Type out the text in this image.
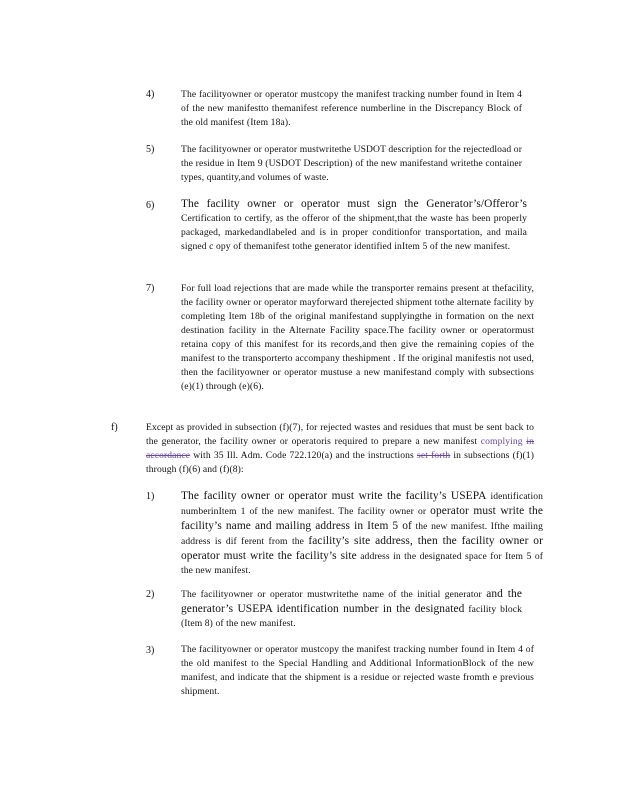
4)	The facilityowner or operator mustcopy the manifest tracking number found in Item 4 of the new manifestto themanifest reference numberline in the Discrepancy Block of the old manifest (Item 18a).
5)	The facilityowner or operator mustwritethe USDOT description for the rejectedload or the residue in Item 9 (USDOT Description) of the new manifestand writethe container types, quantity,and volumes of waste.
6) The facility owner or operator must sign the Generator’s/Offeror’s Certification to certify, as the offeror of the shipment,that the waste has been properly packaged, markedandlabeled and is in proper conditionfor transportation, and maila signed c opy of themanifest tothe generator identified inItem 5 of the new manifest.
7)	For full load rejections that are made while the transporter remains present at thefacility, the facility owner or operator mayforward therejected shipment tothe alternate facility by completing Item 18b of the original manifestand supplyingthe in formation on the next destination facility in the Alternate Facility space.The facility owner or operatormust retaina copy of this manifest for its records,and then give the remaining copies of the manifest to the transporterto accompany theshipment . If the original manifestis not used, then the facilityowner or operator mustuse a new manifestand comply with subsections (e)(1) through (e)(6).
f)	Except as provided in subsection (f)(7), for rejected wastes and residues that must be sent back to the generator, the facility owner or operatoris required to prepare a new manifest complying in accordance with 35 Ill. Adm. Code 722.120(a) and the instructions set forth in subsections (f)(1) through (f)(6) and (f)(8):
1) The facility owner or operator must write the facility’s USEPA identification numberinItem 1 of the new manifest. The facility owner or operator must write the facility’s name and mailing address in Item 5 of the new manifest. Ifthe mailing address is dif ferent from the facility’s site address, then the facility owner or operator must write the facility’s site address in the designated space for Item 5 of the new manifest.
2)	The facilityowner or operator mustwritethe name of the initial generator and the generator’s USEPA identification number in the designated facility block (Item 8) of the new manifest.
3)	The facilityowner or operator mustcopy the manifest tracking number found in Item 4 of the old manifest to the Special Handling and Additional InformationBlock of the new manifest, and indicate that the shipment is a residue or rejected waste fromth e previous shipment.
